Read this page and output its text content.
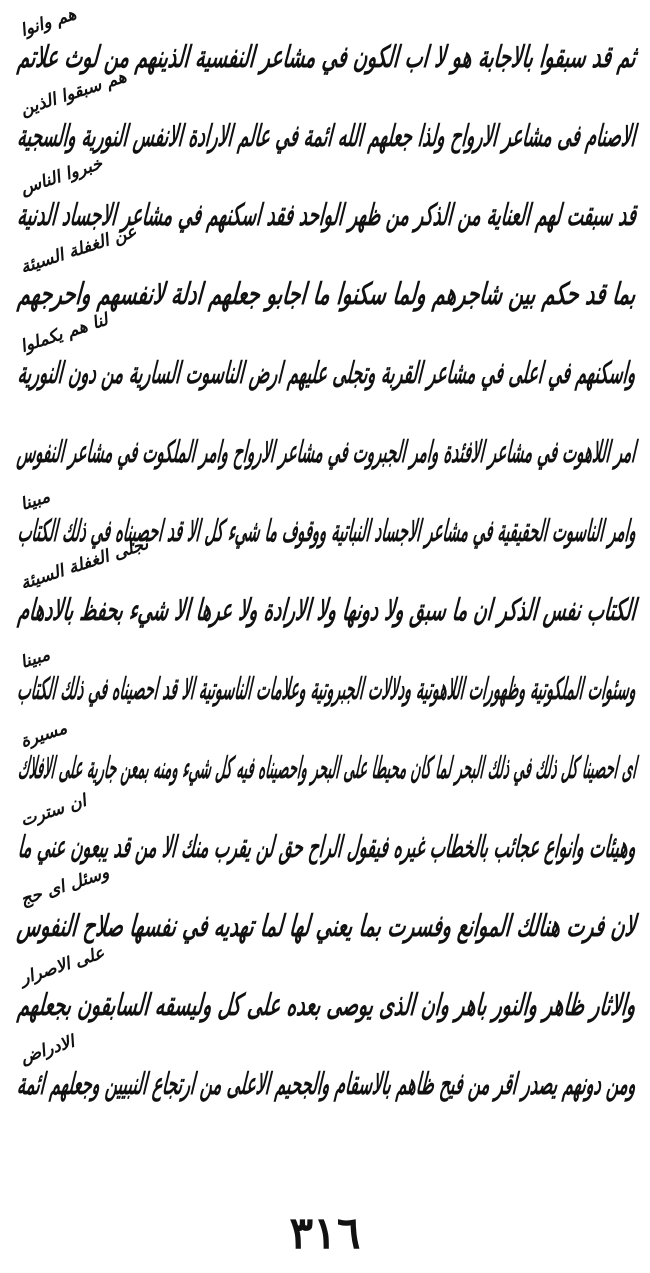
ثم قد سبقوا بالاجابة هو لا اب الكون في مشاعر النفسية الذينهم من لوث علاتم
هم وانوا
الاصنام فى مشاعر الارواح ولذا جعلهم الله ائمة في عالم الارادة الانفس النورية والسجية
هم سبقوا الذين
قد سبقت لهم العناية من الذكر من ظهر الواحد فقد اسكنهم في مشاعر الاجساد الدنية
خبروا الناس
بما قد حكم بين شاجرهم ولما سكنوا ما اجابو جعلهم ادلة لانفسهم واحرجهم
عن الغفلة السيئة
واسكنهم في اعلى في مشاعر القربة وتجلى عليهم ارض الناسوت السارية من دون النورية
لنا هم يكملوا
امر اللاهوت في مشاعر الافئدة وامر الجبروت في مشاعر الارواح وامر الملكوت في مشاعر النفوس
وامر الناسوت الحقيقية في مشاعر الاجساد النباتية ووقوف ما شيء كل الا قد احصيناه في ذلك الكتاب
مبينا
الكتاب نفس الذكر ان ما سبق ولا دونها ولا الارادة ولا عرها الا شيء بحفظ بالادهام
نجلى الغفلة السيئة
وسئوات الملكوتية وظهورات اللاهوتية ودلالات الجبروتية وعلامات الناسوتية الا قد احصيناه في ذلك الكتاب
مبينا
اى احصينا كل ذلك في ذلك البحر لما كان محيطا على البحر واحصيناه فيه كل شيء ومنه بمعن جارية على الافلاك
مسيرة
وهيئات وانواع عجائب بالخطاب غيره فيقول الراح حق لن يقرب منك الا من قد يبعون عني ما
ان سترت
لان فرت هنالك الموانع وفسرت بما يعني لها لما تهديه في نفسها صلاح النفوس
وسئل اى حج
والاثار ظاهر والنور باهر وان الذى يوصى بعده على كل وليسقه السابقون بجعلهم
على الاصرار
ومن دونهم يصدر اقر من فيح ظاهم بالاسقام والجحيم الاعلى من ارتجاع النبيين وجعلهم ائمة
الادراض
٣١٦
